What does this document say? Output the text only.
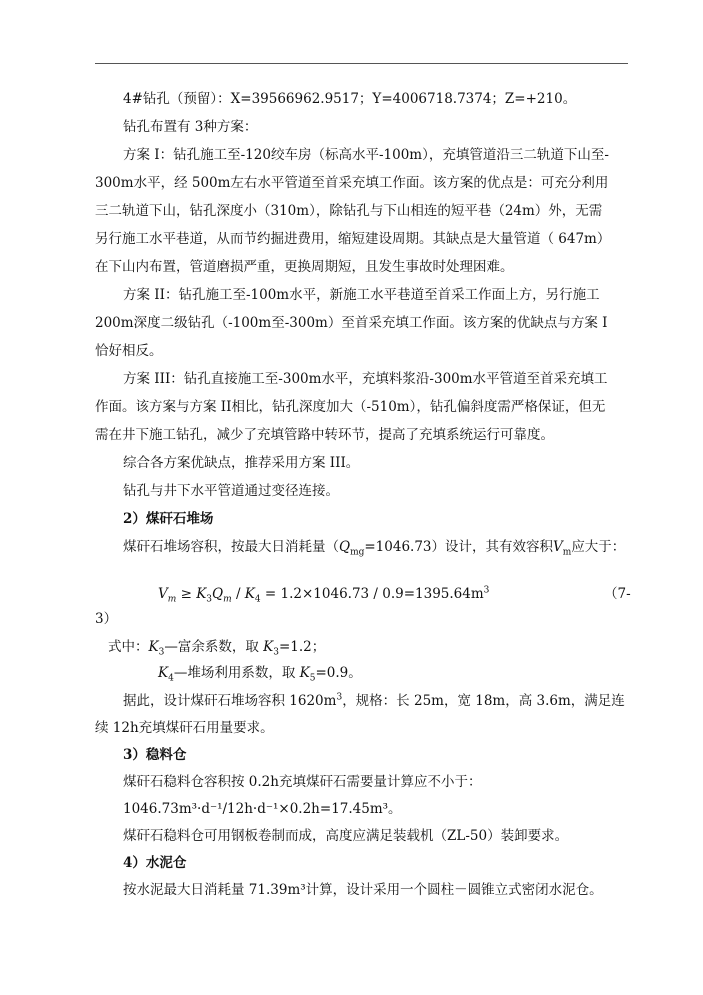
4#钻孔（预留）：X=39566962.9517；Y=4006718.7374；Z=+210。
钻孔布置有 3种方案：
方案 I：钻孔施工至-120绞车房（标高水平-100m），充填管道沿三二轨道下山至-
300m水平，经 500m左右水平管道至首采充填工作面。该方案的优点是：可充分利用
三二轨道下山，钻孔深度小（310m），除钻孔与下山相连的短平巷（24m）外，无需
另行施工水平巷道，从而节约掘进费用，缩短建设周期。其缺点是大量管道（ 647m）
在下山内布置，管道磨损严重，更换周期短，且发生事故时处理困难。
方案 II：钻孔施工至-100m水平，新施工水平巷道至首采工作面上方，另行施工
200m深度二级钻孔（-100m至-300m）至首采充填工作面。该方案的优缺点与方案 I
恰好相反。
方案 III：钻孔直接施工至-300m水平，充填料浆沿-300m水平管道至首采充填工
作面。该方案与方案 II相比，钻孔深度加大（-510m），钻孔偏斜度需严格保证，但无
需在井下施工钻孔，减少了充填管路中转环节，提高了充填系统运行可靠度。
综合各方案优缺点，推荐采用方案 III。
钻孔与井下水平管道通过变径连接。
2）煤矸石堆场
煤矸石堆场容积，按最大日消耗量$(Q_{mg}=1046.73)$设计，其有效容积$V_m$应大于：
$V_m \ge K_3Q_m / K_4 = 1.2\times 1046.73 / 0.9=1395.64m^3$	（7-
3）
式中：$K_3—$富余系数，取 $K_3=1.2$；
$K_4—$堆场利用系数，取 $K_5=0.9$。
据此，设计煤矸石堆场容积 $1620m^3$，规格：长 25m，宽 18m，高 3.6m，满足连
续 12h充填煤矸石用量要求。
3）稳料仓
煤矸石稳料仓容积按 0.2h充填煤矸石需要量计算应不小于：
1046.73m³·d⁻¹/12h·d⁻¹×0.2h=17.45m³。
煤矸石稳料仓可用钢板卷制而成，高度应满足装载机（ZL-50）装卸要求。
4）水泥仓
按水泥最大日消耗量 71.39m³计算，设计采用一个圆柱－圆锥立式密闭水泥仓。
